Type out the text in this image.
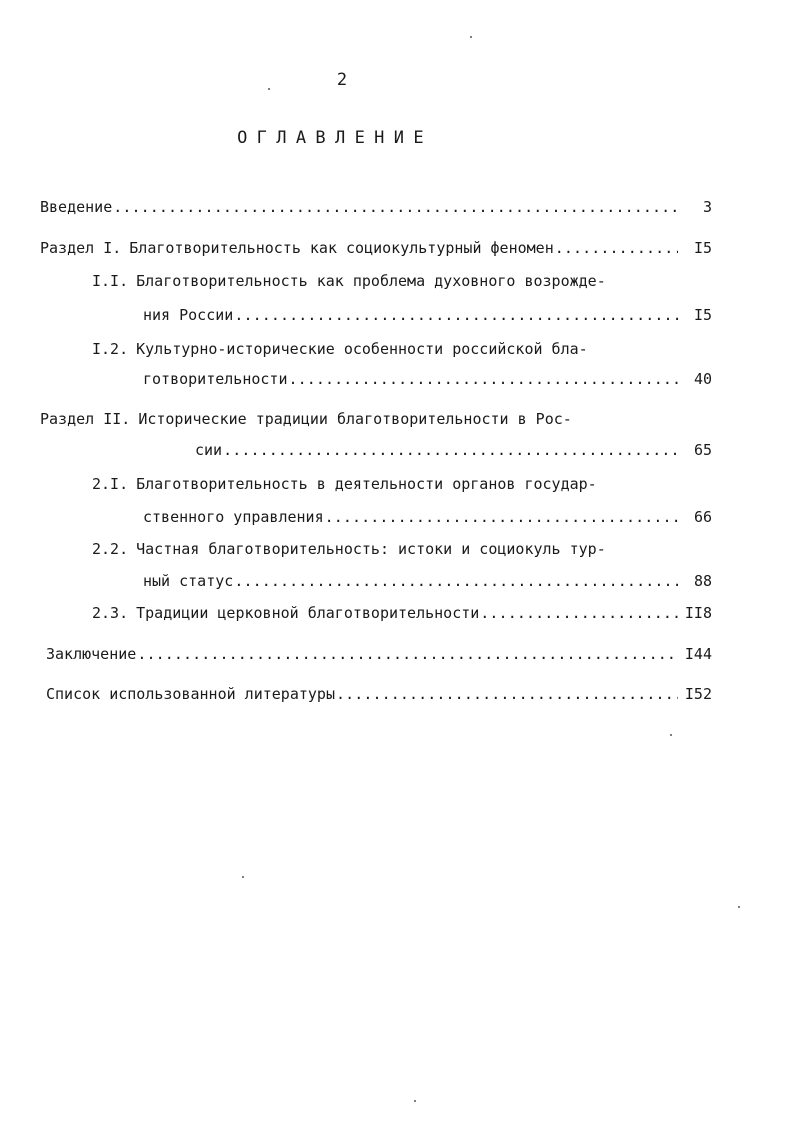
2
ОГЛАВЛЕНИЕ
Введение .....	3
Раздел I. Благотворительность как социокультурный феномен .....	I5
I.I. Благотворительность как проблема духовного возрожде-
ния России .....	I5
I.2. Культурно-исторические особенности российской бла-
готворительности .....	40
Раздел II. Исторические традиции благотворительности в Рос-
сии .....	65
2.I. Благотворительность в деятельности органов государ-
ственного управления .....	66
2.2. Частная благотворительность: истоки и социокуль тур-
ный статус .....	88
2.3. Традиции церковной благотворительности .....	II8
Заключение .....	I44
Список использованной литературы .....	I52
